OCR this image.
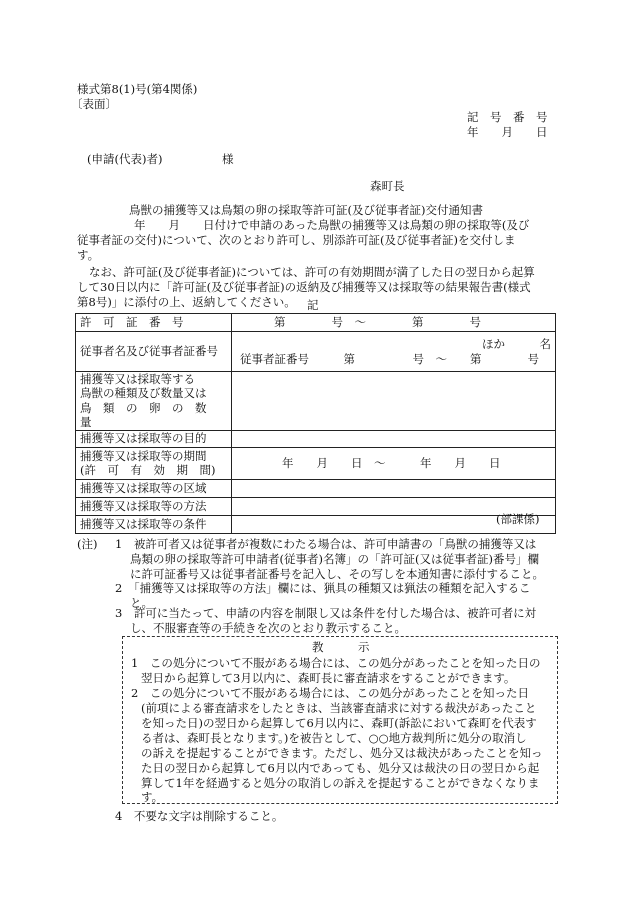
様式第8(1)号(第4関係)
〔表面〕
記　号　番　号
年　　月　　日
(申請(代表)者)	様
森町長
鳥獣の捕獲等又は鳥類の卵の採取等許可証(及び従事者証)交付通知書
年　　月　　日付けで申請のあった鳥獣の捕獲等又は鳥類の卵の採取等(及び
従事者証の交付)について、次のとおり許可し、別添許可証(及び従事者証)を交付しま
す。
なお、許可証(及び従事者証)については、許可の有効期間が満了した日の翌日から起算
して30日以内に「許可証(及び従事者証)の返納及び捕獲等又は採取等の結果報告書(様式
第8号)」に添付の上、返納してください。 記
許　可　証　番　号	第　　　　号　～　　　　第　　　　号
従事者名及び従事者証番号	ほか　　　名
従事者証番号　　　第　　　　　号　～　　第　　　　号

捕獲等又は採取等する
鳥獣の種類及び数量又は
鳥　類　の　卵　の　数　量	

捕獲等又は採取等の目的	

捕獲等又は採取等の期間
(許　可　有　効　期　間)	年　　月　　日　～　　　年　　月　　日
捕獲等又は採取等の区域	
捕獲等又は採取等の方法	
捕獲等又は採取等の条件		(部課係)
(注) 1　被許可者又は従事者が複数にわたる場合は、許可申請書の「鳥獣の捕獲等又は
鳥類の卵の採取等許可申請者(従事者)名簿」の「許可証(又は従事者証)番号」欄
に許可証番号又は従事者証番号を記入し、その写しを本通知書に添付すること。
2　「捕獲等又は採取等の方法」欄には、猟具の種類又は猟法の種類を記入するこ
と。
3　許可に当たって、申請の内容を制限し又は条件を付した場合は、被許可者に対
し、不服審査等の手続きを次のとおり教示すること。
教　　　示
1　この処分について不服がある場合には、この処分があったことを知った日の
翌日から起算して3月以内に、森町長に審査請求をすることができます。
2　この処分について不服がある場合には、この処分があったことを知った日
(前項による審査請求をしたときは、当該審査請求に対する裁決があったこと
を知った日)の翌日から起算して6月以内に、森町(訴訟において森町を代表す
る者は、森町長となります。)を被告として、○○地方裁判所に処分の取消し
の訴えを提起することができます。ただし、処分又は裁決があったことを知っ
た日の翌日から起算して6月以内であっても、処分又は裁決の日の翌日から起
算して1年を経過すると処分の取消しの訴えを提起することができなくなりま
す。
4　不要な文字は削除すること。
